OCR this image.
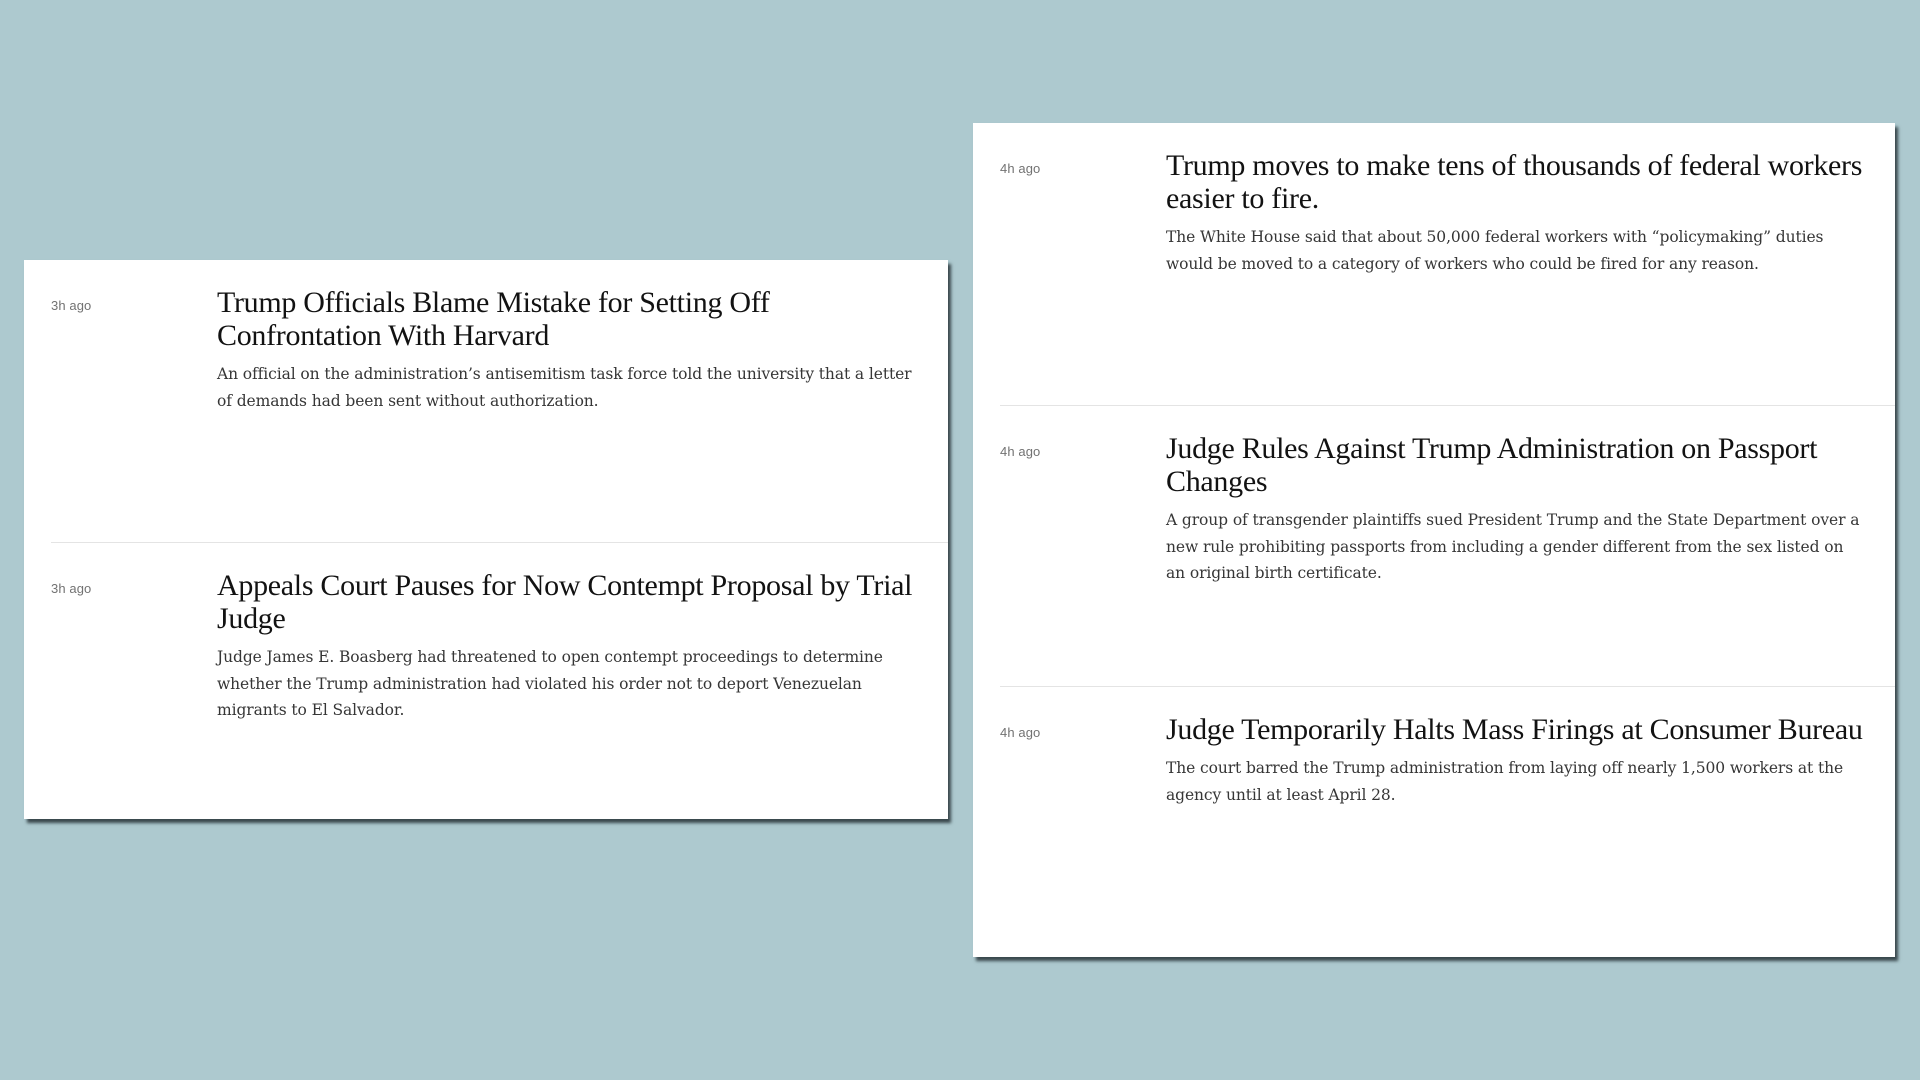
3h ago	Trump Officials Blame Mistake for Setting Off Confrontation With Harvard

An official on the administration’s antisemitism task force told the university that a letter of demands had been sent without authorization.

3h ago	Appeals Court Pauses for Now Contempt Proposal by Trial Judge

Judge James E. Boasberg had threatened to open contempt proceedings to determine whether the Trump administration had violated his order not to deport Venezuelan migrants to El Salvador.

4h ago	Trump moves to make tens of thousands of federal workers easier to fire.

The White House said that about 50,000 federal workers with “policymaking” duties would be moved to a category of workers who could be fired for any reason.

4h ago	Judge Rules Against Trump Administration on Passport Changes

A group of transgender plaintiffs sued President Trump and the State Department over a new rule prohibiting passports from including a gender different from the sex listed on an original birth certificate.

4h ago	Judge Temporarily Halts Mass Firings at Consumer Bureau

The court barred the Trump administration from laying off nearly 1,500 workers at the agency until at least April 28.
